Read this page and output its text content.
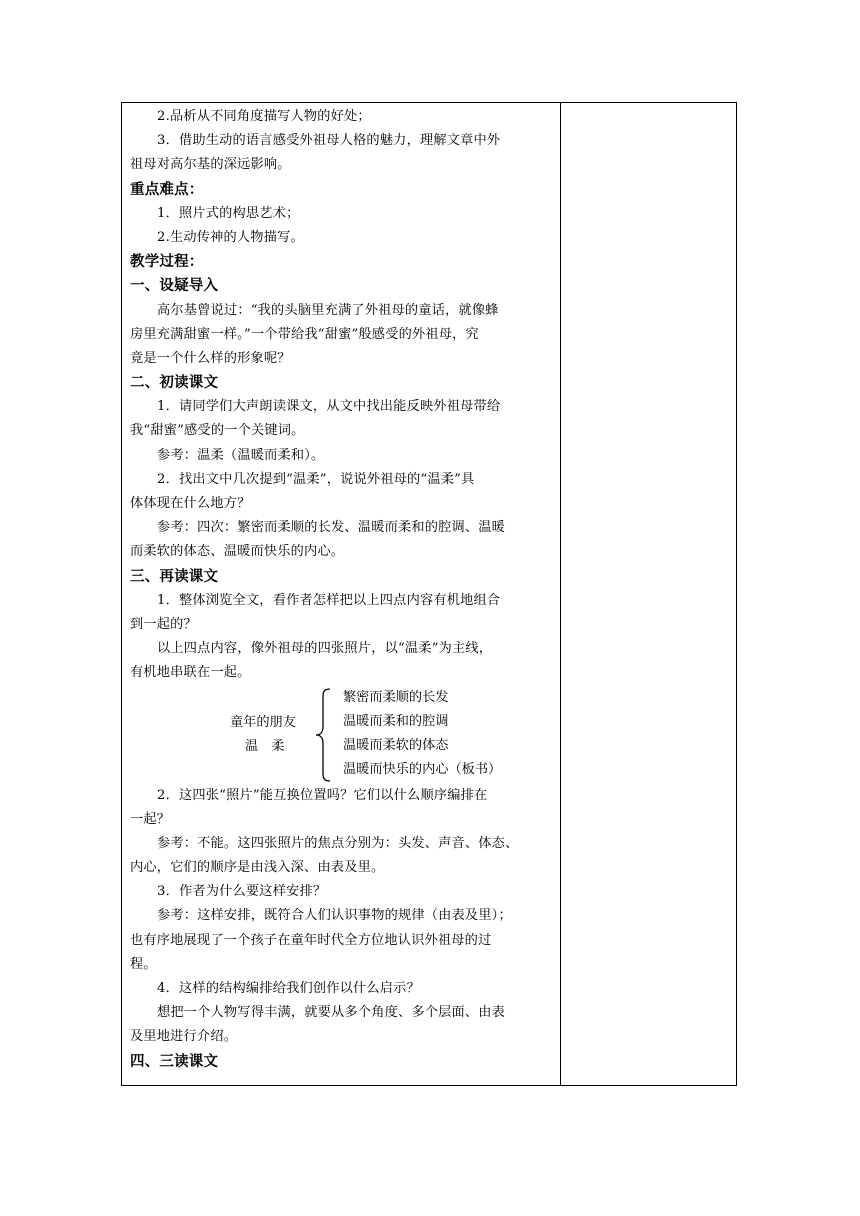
2.品析从不同角度描写人物的好处；
3．借助生动的语言感受外祖母人格的魅力，理解文章中外
祖母对高尔基的深远影响。
重点难点：
1．照片式的构思艺术；
2.生动传神的人物描写。
教学过程：
一、设疑导入
高尔基曾说过：“我的头脑里充满了外祖母的童话，就像蜂
房里充满甜蜜一样。”一个带给我“甜蜜”般感受的外祖母，究
竟是一个什么样的形象呢？
二、初读课文
1．请同学们大声朗读课文，从文中找出能反映外祖母带给
我“甜蜜”感受的一个关键词。
参考：温柔（温暖而柔和）。
2．找出文中几次提到“温柔”，说说外祖母的“温柔”具
体体现在什么地方？
参考：四次：繁密而柔顺的长发、温暖而柔和的腔调、温暖
而柔软的体态、温暖而快乐的内心。
三、再读课文
1．整体浏览全文，看作者怎样把以上四点内容有机地组合
到一起的？
以上四点内容，像外祖母的四张照片，以“温柔”为主线，
有机地串联在一起。
童年的朋友
温　柔
繁密而柔顺的长发
温暖而柔和的腔调
温暖而柔软的体态
温暖而快乐的内心（板书）
2．这四张“照片”能互换位置吗？它们以什么顺序编排在
一起？
参考：不能。这四张照片的焦点分别为：头发、声音、体态、
内心，它们的顺序是由浅入深、由表及里。
3．作者为什么要这样安排？
参考：这样安排，既符合人们认识事物的规律（由表及里）；
也有序地展现了一个孩子在童年时代全方位地认识外祖母的过
程。
4．这样的结构编排给我们创作以什么启示？
想把一个人物写得丰满，就要从多个角度、多个层面、由表
及里地进行介绍。
四、三读课文
